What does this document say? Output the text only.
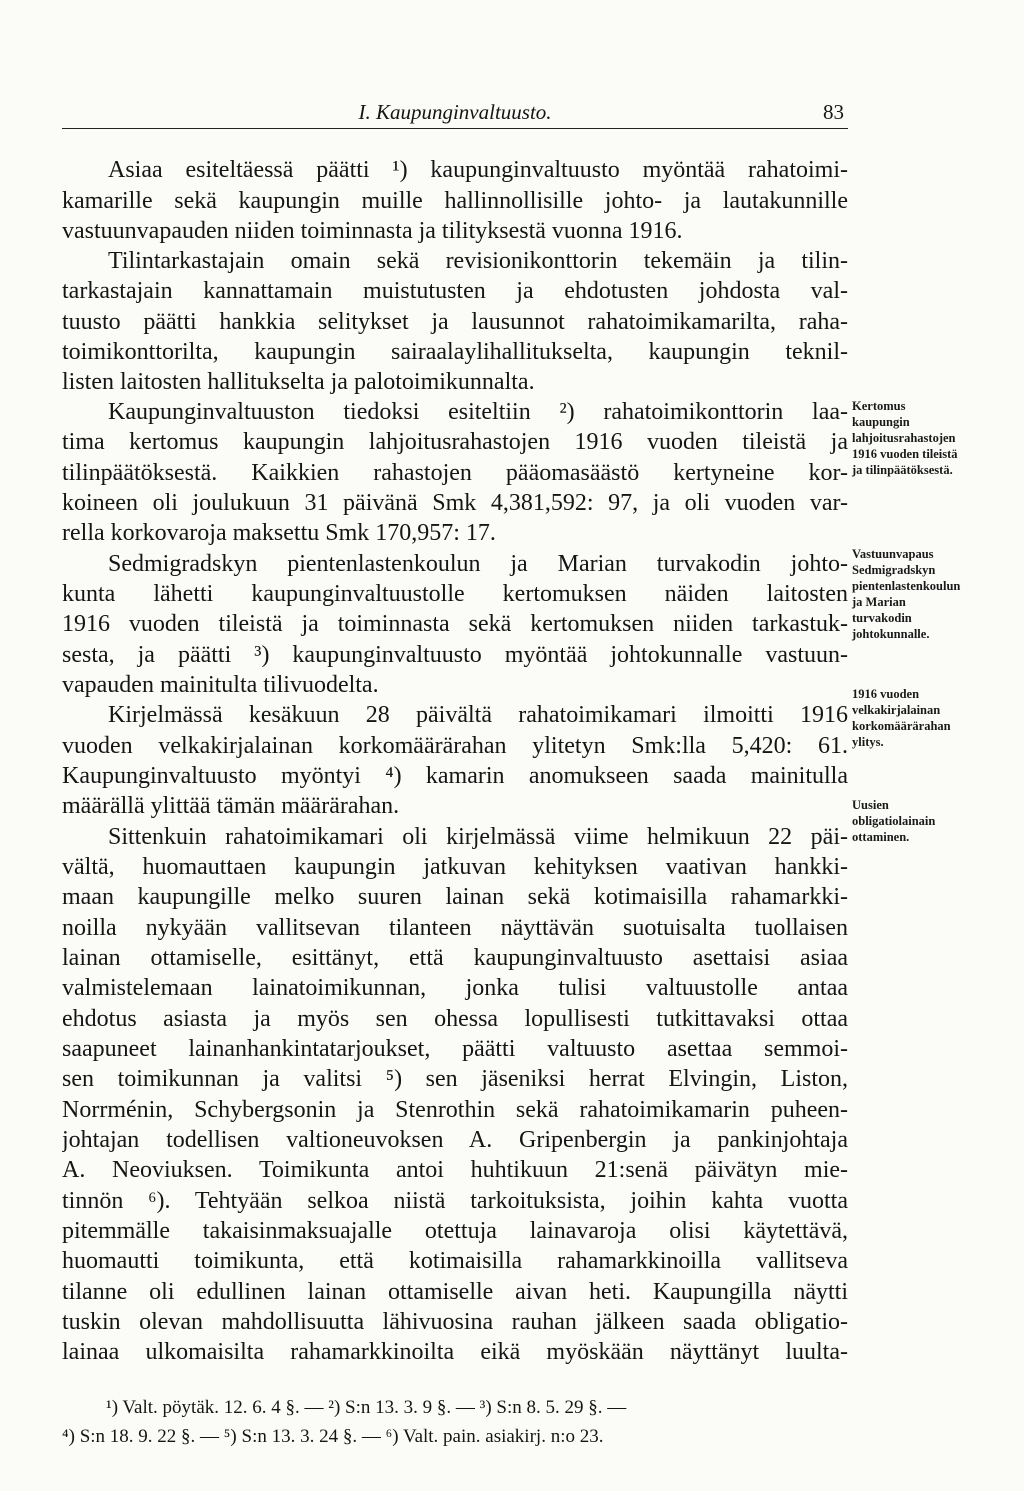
I. Kaupunginvaltuusto.	83
Asiaa esiteltäessä päätti ¹) kaupunginvaltuusto myöntää rahatoimi-
kamarille sekä kaupungin muille hallinnollisille johto- ja lautakunnille
vastuunvapauden niiden toiminnasta ja tilityksestä vuonna 1916.
Tilintarkastajain omain sekä revisionikonttorin tekemäin ja tilin-
tarkastajain kannattamain muistutusten ja ehdotusten johdosta val-
tuusto päätti hankkia selitykset ja lausunnot rahatoimikamarilta, raha-
toimikonttorilta, kaupungin sairaalaylihallitukselta, kaupungin teknil-
listen laitosten hallitukselta ja palotoimikunnalta.
Kaupunginvaltuuston tiedoksi esiteltiin ²) rahatoimikonttorin laa-
tima kertomus kaupungin lahjoitusrahastojen 1916 vuoden tileistä ja
tilinpäätöksestä. Kaikkien rahastojen pääomasäästö kertyneine kor-
koineen oli joulukuun 31 päivänä Smk 4,381,592: 97, ja oli vuoden var-
rella korkovaroja maksettu Smk 170,957: 17.
Sedmigradskyn pientenlastenkoulun ja Marian turvakodin johto-
kunta lähetti kaupunginvaltuustolle kertomuksen näiden laitosten
1916 vuoden tileistä ja toiminnasta sekä kertomuksen niiden tarkastuk-
sesta, ja päätti ³) kaupunginvaltuusto myöntää johtokunnalle vastuun-
vapauden mainitulta tilivuodelta.
Kirjelmässä kesäkuun 28 päivältä rahatoimikamari ilmoitti 1916
vuoden velkakirjalainan korkomäärärahan ylitetyn Smk:lla 5,420: 61.
Kaupunginvaltuusto myöntyi ⁴) kamarin anomukseen saada mainitulla
määrällä ylittää tämän määrärahan.
Sittenkuin rahatoimikamari oli kirjelmässä viime helmikuun 22 päi-
vältä, huomauttaen kaupungin jatkuvan kehityksen vaativan hankki-
maan kaupungille melko suuren lainan sekä kotimaisilla rahamarkki-
noilla nykyään vallitsevan tilanteen näyttävän suotuisalta tuollaisen
lainan ottamiselle, esittänyt, että kaupunginvaltuusto asettaisi asiaa
valmistelemaan lainatoimikunnan, jonka tulisi valtuustolle antaa
ehdotus asiasta ja myös sen ohessa lopullisesti tutkittavaksi ottaa
saapuneet lainanhankintatarjoukset, päätti valtuusto asettaa semmoi-
sen toimikunnan ja valitsi ⁵) sen jäseniksi herrat Elvingin, Liston,
Norrménin, Schybergsonin ja Stenrothin sekä rahatoimikamarin puheen-
johtajan todellisen valtioneuvoksen A. Gripenbergin ja pankinjohtaja
A. Neoviuksen. Toimikunta antoi huhtikuun 21:senä päivätyn mie-
tinnön ⁶). Tehtyään selkoa niistä tarkoituksista, joihin kahta vuotta
pitemmälle takaisinmaksuajalle otettuja lainavaroja olisi käytettävä,
huomautti toimikunta, että kotimaisilla rahamarkkinoilla vallitseva
tilanne oli edullinen lainan ottamiselle aivan heti. Kaupungilla näytti
tuskin olevan mahdollisuutta lähivuosina rauhan jälkeen saada obligatio-
lainaa ulkomaisilta rahamarkkinoilta eikä myöskään näyttänyt luulta-
Kertomus kaupungin lahjoitusrahastojen 1916 vuoden tileistä ja tilinpäätöksestä.
Vastuunvapaus Sedmigradskyn pientenlastenkoulun ja Marian turvakodin johtokunnalle.
1916 vuoden velkakirjalainan korkomäärärahan ylitys.
Uusien obligatiolainain ottaminen.
¹) Valt. pöytäk. 12. 6. 4 §. — ²) S:n 13. 3. 9 §. — ³) S:n 8. 5. 29 §. —
⁴) S:n 18. 9. 22 §. — ⁵) S:n 13. 3. 24 §. — ⁶) Valt. pain. asiakirj. n:o 23.
